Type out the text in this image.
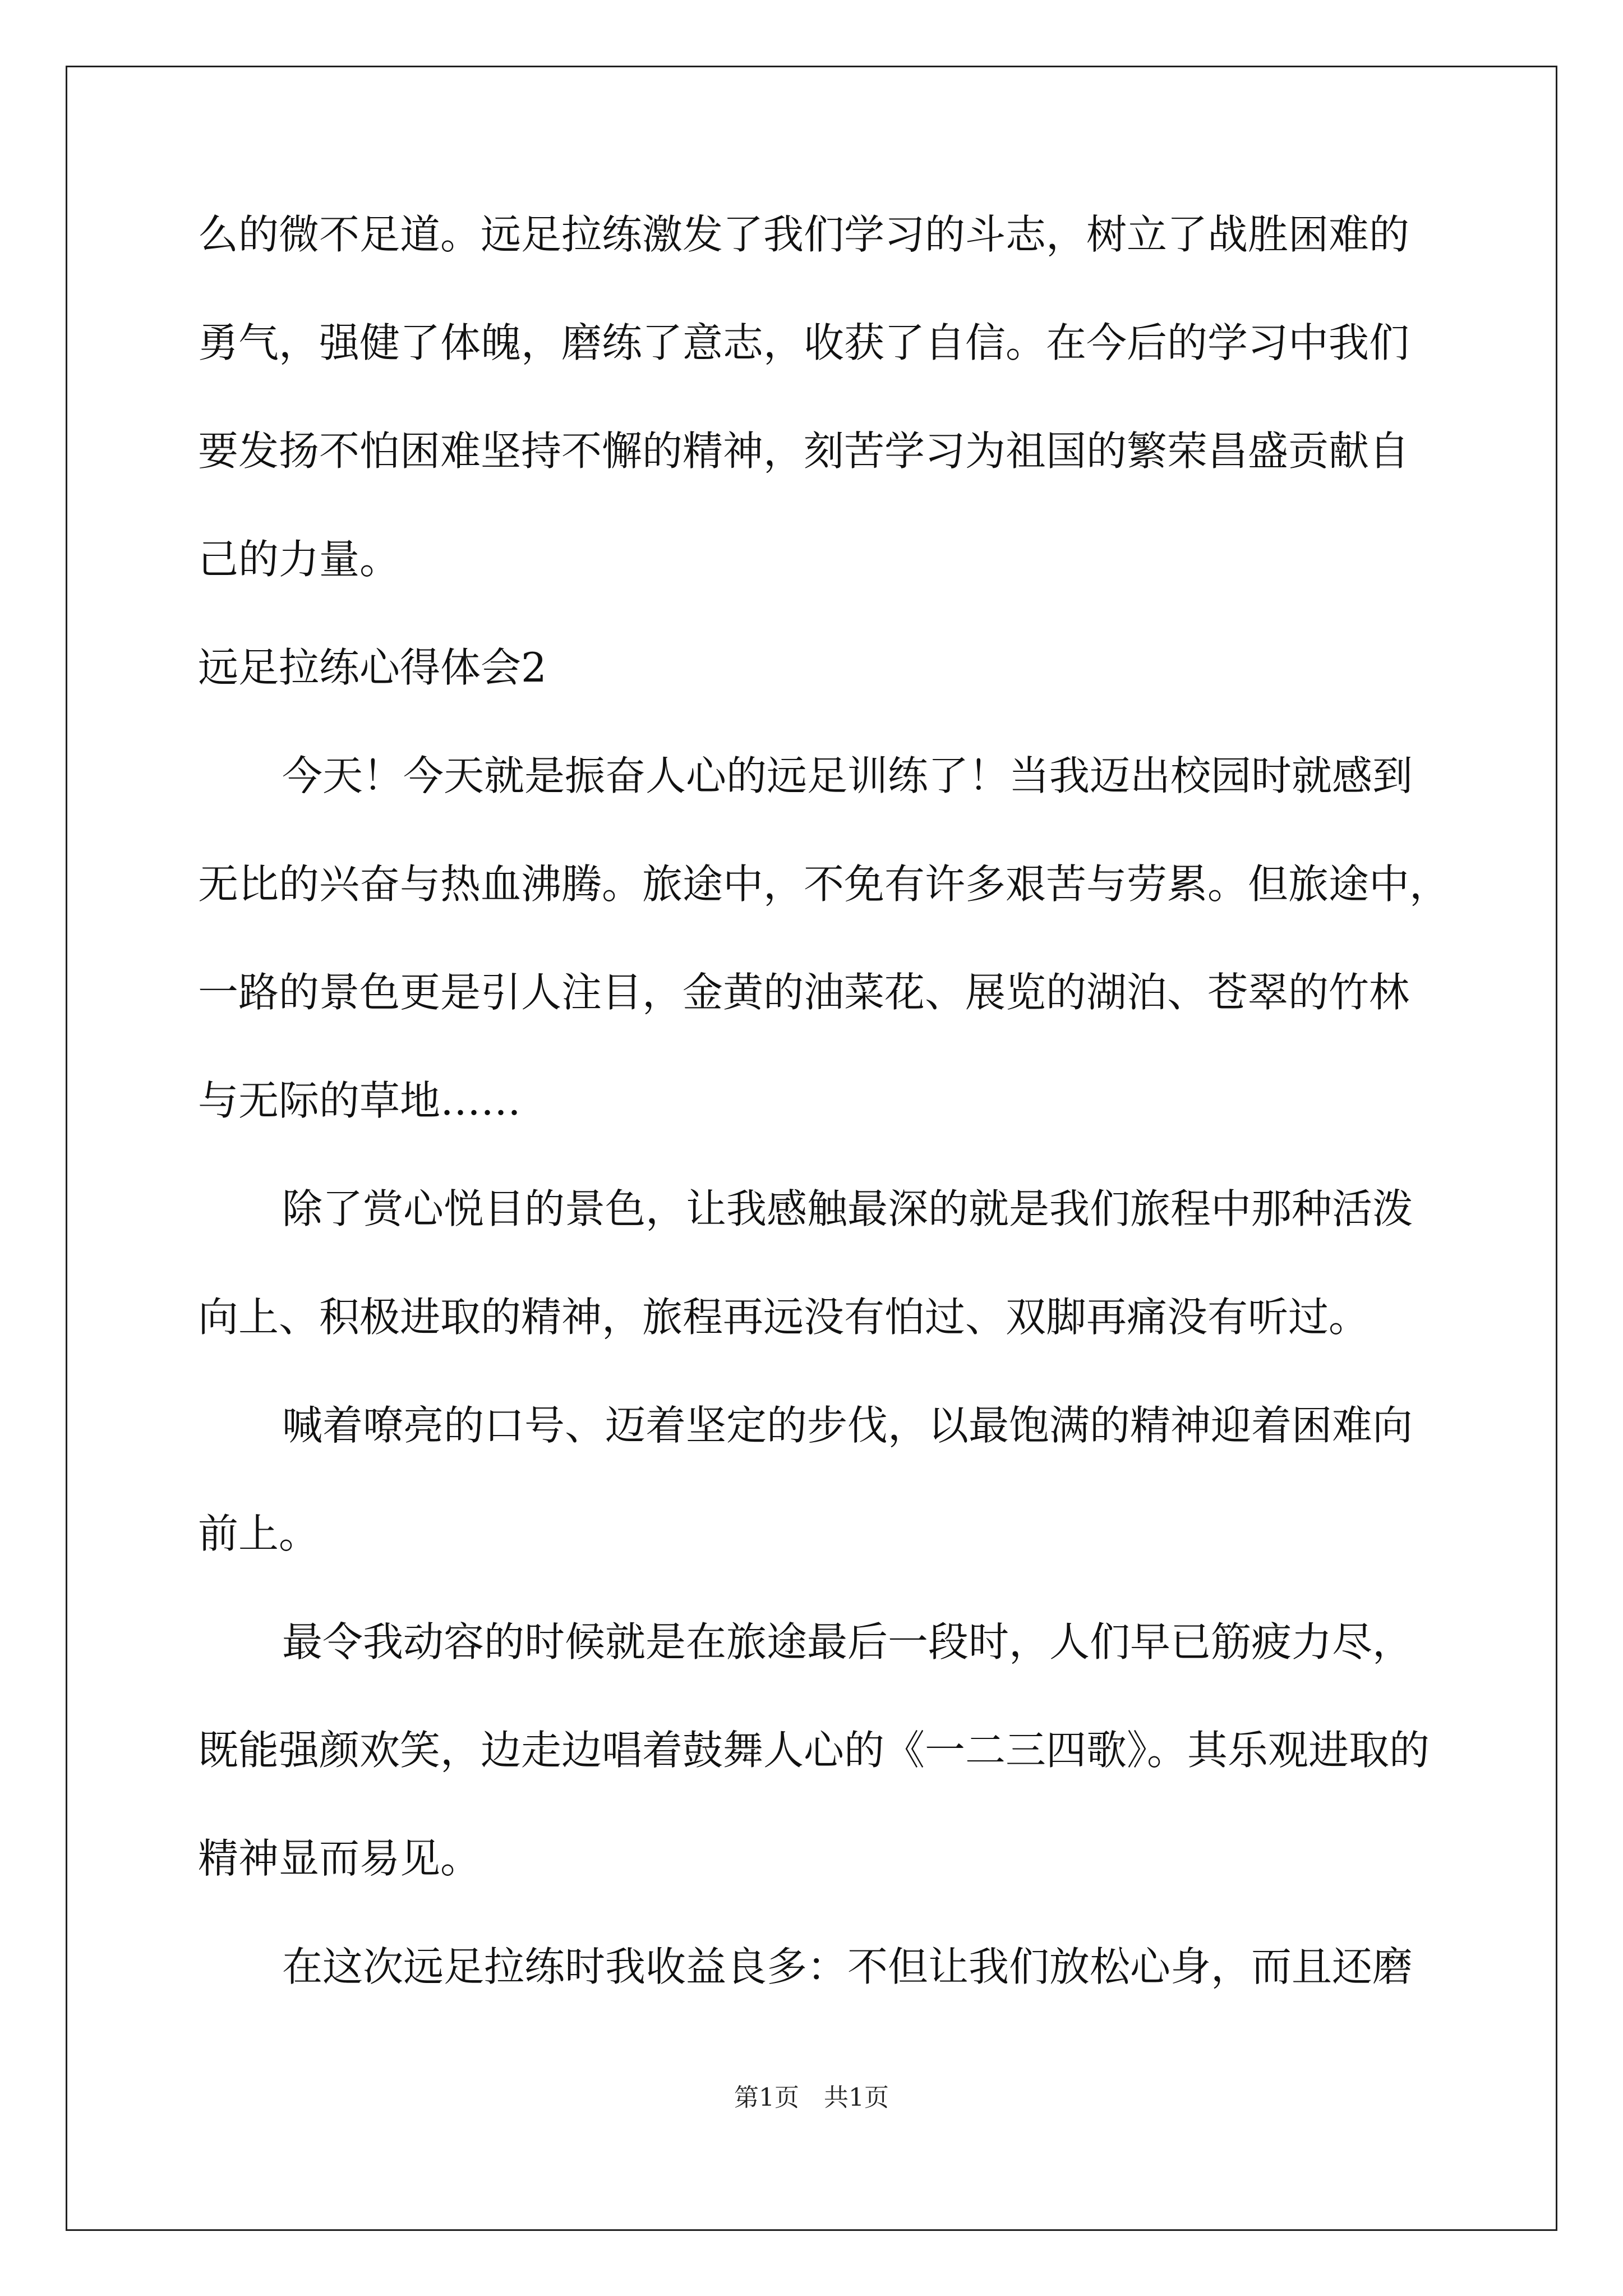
么的微不足道。远足拉练激发了我们学习的斗志，树立了战胜困难的
勇气，强健了体魄，磨练了意志，收获了自信。在今后的学习中我们
要发扬不怕困难坚持不懈的精神，刻苦学习为祖国的繁荣昌盛贡献自
己的力量。
远足拉练心得体会2
今天！今天就是振奋人心的远足训练了！当我迈出校园时就感到
无比的兴奋与热血沸腾。旅途中，不免有许多艰苦与劳累。但旅途中，
一路的景色更是引人注目，金黄的油菜花、展览的湖泊、苍翠的竹林
与无际的草地……
除了赏心悦目的景色，让我感触最深的就是我们旅程中那种活泼
向上、积极进取的精神，旅程再远没有怕过、双脚再痛没有听过。
喊着嘹亮的口号、迈着坚定的步伐，以最饱满的精神迎着困难向
前上。
最令我动容的时候就是在旅途最后一段时，人们早已筋疲力尽，
既能强颜欢笑，边走边唱着鼓舞人心的《一二三四歌》。其乐观进取的
精神显而易见。
在这次远足拉练时我收益良多：不但让我们放松心身，而且还磨
第1页　共1页
